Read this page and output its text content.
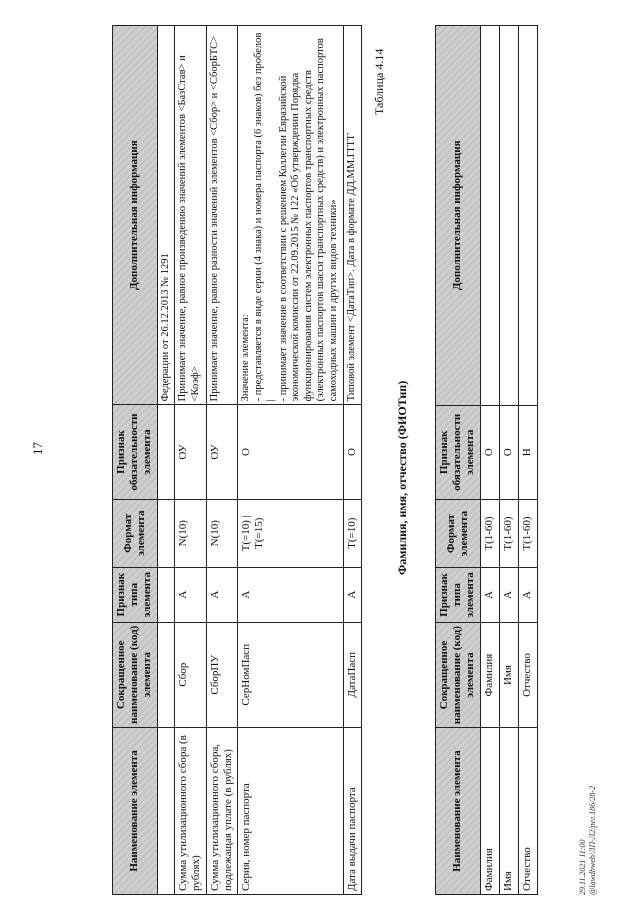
17
Наименование элемента	Сокращенное наименование (код) элемента	Признак типа элемента	Формат элемента	Признак обязательности элемента	Дополнительная информация
					Федерации от 26.12.2013 № 1291
Сумма утилизационного сбора (в рублях)	Сбор	А	N(10)	ОУ	Принимает значение, равное произведению значений элементов <БазСтав> и <Коэф>
Сумма утилизационного сбора, подлежащая уплате (в рублях)	СборПУ	А	N(10)	ОУ	Принимает значение, равное разности значений элементов <Сбор> и <СборБТС>
Серия, номер паспорта	СерНомПасп	А	T(=10) | T(=15)	О	Значение элемента: - представляется в виде серии (4 знака) и номера паспорта (6 знаков) без пробелов | - принимает значение в соответствии с решением Коллегии Евразийской экономической комиссии от 22.09.2015 № 122 «Об утверждении Порядка функционирования систем электронных паспортов транспортных средств (электронных паспортов шасси транспортных средств) и электронных паспортов самоходных машин и других видов техники»

Дата выдачи паспорта	ДатаПасп	А	T(=10)	О	Типовой элемент <ДатаТип>. Дата в формате ДД.ММ.ГГГГ
Таблица 4.14
Фамилия, имя, отчество (ФИОТип)
Наименование элемента	Сокращенное наименование (код) элемента	Признак типа элемента	Формат элемента	Признак обязательности элемента	Дополнительная информация
Фамилия	Фамилия	А	T(1-60)	О	
Имя	Имя	А	T(1-60)	О	
Отчество	Отчество	А	T(1-60)	Н	
29.11.2021 11:00 @lawdbweb/ЛП-Л2/рег.186/28-2
